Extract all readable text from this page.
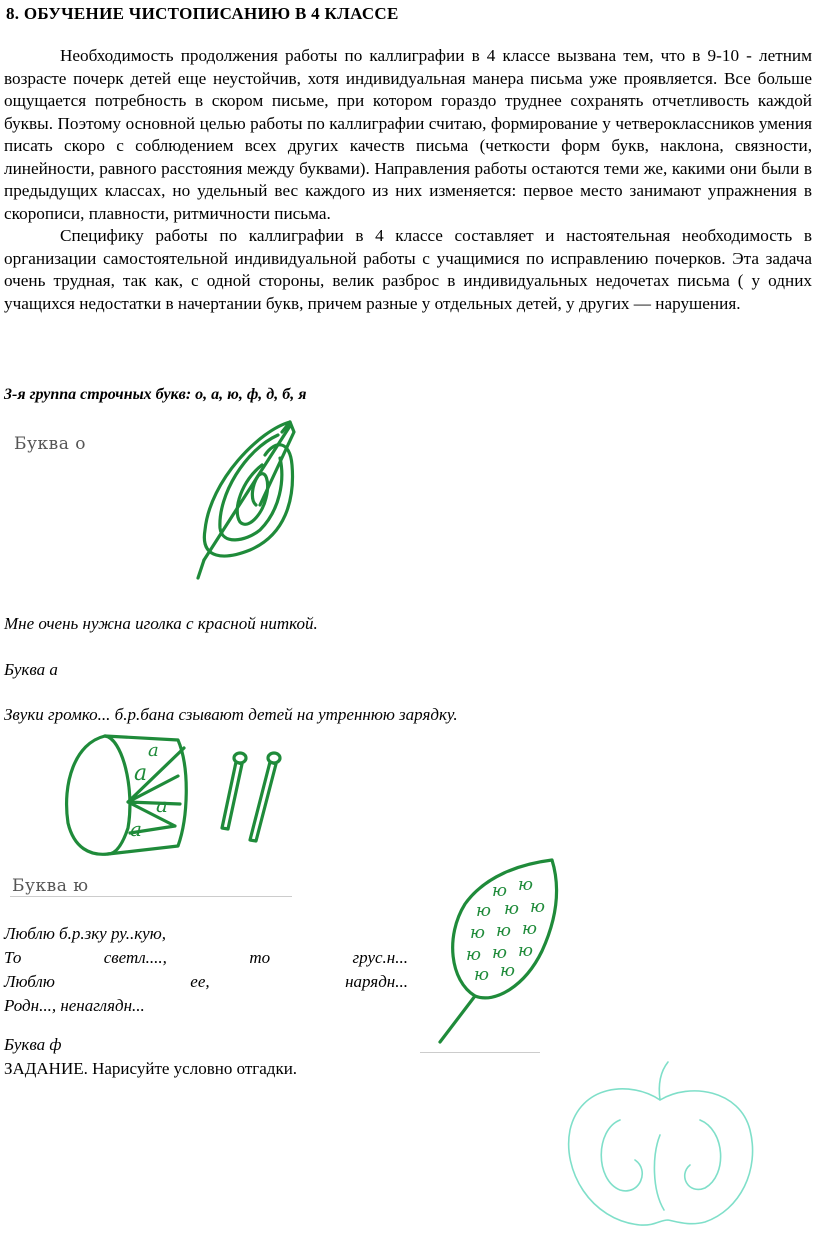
8. ОБУЧЕНИЕ ЧИСТОПИСАНИЮ В 4 КЛАССЕ

Необходимость продолжения работы по каллиграфии в 4 классе вызвана тем, что в 9-10 - летним возрасте почерк детей еще неустойчив, хотя индивидуальная манера письма уже проявляется. Все больше ощущается потребность в скором письме, при котором гораздо труднее сохранять отчетливость каждой буквы. Поэтому основной целью работы по каллиграфии считаю, формирование у четвероклассников умения писать скоро с соблюдением всех других качеств письма (четкости форм букв, наклона, связности, линейности, равного расстояния между буквами). Направления работы остаются теми же, какими они были в предыдущих классах, но удельный вес каждого из них изменяется: первое место занимают упражнения в скорописи, плавности, ритмичности письма.

Специфику работы по каллиграфии в 4 классе составляет и настоятельная необходимость в организации самостоятельной индивидуальной работы с учащимися по исправлению почерков. Эта задача очень трудная, так как, с одной стороны, велик разброс в индивидуальных недочетах письма ( у одних учащихся недостатки в начертании букв, причем разные у отдельных детей, у других — нарушения.

3-я группа строчных букв: о, а, ю, ф, д, б, я
Буква о
Мне очень нужна иголка с красной ниткой.
Буква а
Звуки громко... б.р.бана сзывают детей на утреннюю зарядку.
а
а
а
а
Буква ю	ю ю
ю ю ю
ю ю ю
ю ю ю
ю ю
Люблю б.р.зку ру..кую,
То	светл....,	то	грус.н...
Люблю	ее,	нарядн...
Родн..., ненаглядн...
Буква ф
ЗАДАНИЕ. Нарисуйте условно отгадки.
